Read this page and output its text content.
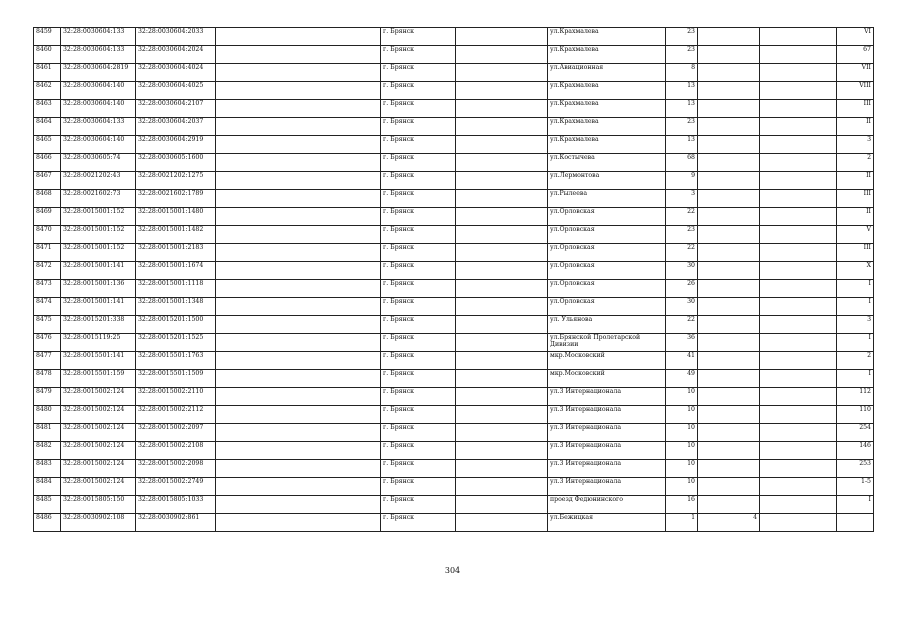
8459	32:28:0030604:133	32:28:0030604:2033		г. Брянск		ул.Крахмалева	23			VI
8460	32:28:0030604:133	32:28:0030604:2024		г. Брянск		ул.Крахмалева	23			67
8461	32:28:0030604:2819	32:28:0030604:4024		г. Брянск		ул.Авиационная	8			VII
8462	32:28:0030604:140	32:28:0030604:4025		г. Брянск		ул.Крахмалева	13			VIII
8463	32:28:0030604:140	32:28:0030604:2107		г. Брянск		ул.Крахмалева	13			III
8464	32:28:0030604:133	32:28:0030604:2037		г. Брянск		ул.Крахмалева	23			II
8465	32:28:0030604:140	32:28:0030604:2919		г. Брянск		ул.Крахмалева	13			3
8466	32:28:0030605:74	32:28:0030605:1600		г. Брянск		ул.Костычева	68			2
8467	32:28:0021202:43	32:28:0021202:1275		г. Брянск		ул.Лермонтова	9			II
8468	32:28:0021602:73	32:28:0021602:1789		г. Брянск		ул.Рылеева	3			III
8469	32:28:0015001:152	32:28:0015001:1480		г. Брянск		ул.Орловская	22			II
8470	32:28:0015001:152	32:28:0015001:1482		г. Брянск		ул.Орловская	23			V
8471	32:28:0015001:152	32:28:0015001:2183		г. Брянск		ул.Орловская	22			III
8472	32:28:0015001:141	32:28:0015001:1674		г. Брянск		ул.Орловская	30			X
8473	32:28:0015001:136	32:28:0015001:1118		г. Брянск		ул.Орловская	26			I
8474	32:28:0015001:141	32:28:0015001:1348		г. Брянск		ул.Орловская	30			I
8475	32:28:0015201:338	32:28:0015201:1500		г. Брянск		ул. Ульянова	22			3
8476	32:28:0015119:25	32:28:0015201:1525		г. Брянск		ул.Брянской Пролетарской Дивизии	36			I
8477	32:28:0015501:141	32:28:0015501:1763		г. Брянск		мкр.Московский	41			2
8478	32:28:0015501:159	32:28:0015501:1509		г. Брянск		мкр.Московский	49			I
8479	32:28:0015002:124	32:28:0015002:2110		г. Брянск		ул.3 Интернационала	10			112
8480	32:28:0015002:124	32:28:0015002:2112		г. Брянск		ул.3 Интернационала	10			110
8481	32:28:0015002:124	32:28:0015002:2097		г. Брянск		ул.3 Интернационала	10			254
8482	32:28:0015002:124	32:28:0015002:2108		г. Брянск		ул.3 Интернационала	10			146
8483	32:28:0015002:124	32:28:0015002:2098		г. Брянск		ул.3 Интернационала	10			253
8484	32:28:0015002:124	32:28:0015002:2749		г. Брянск		ул.3 Интернационала	10			1-5
8485	32:28:0015805:150	32:28:0015805:1033		г. Брянск		проезд Федюнинского	16			I
8486	32:28:0030902:108	32:28:0030902:861		г. Брянск		ул.Бежицкая	1	4		
304
